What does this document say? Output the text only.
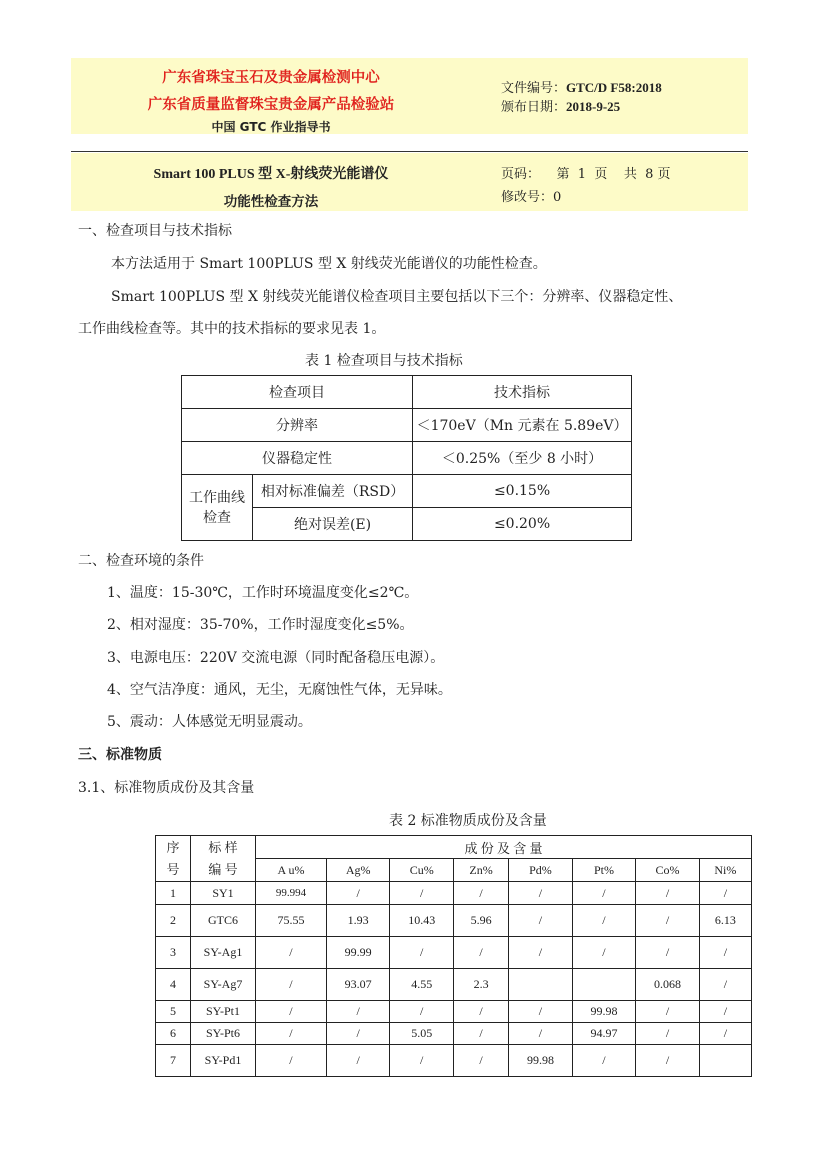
广东省珠宝玉石及贵金属检测中心
广东省质量监督珠宝贵金属产品检验站
中国 GTC 作业指导书
文件编号：GTC/D F58:2018
颁布日期：2018-9-25
Smart 100 PLUS 型 X-射线荧光能谱仪
功能性检查方法
页码：    第  1  页    共  8 页
修改号：0
一、检查项目与技术指标
本方法适用于 Smart 100PLUS 型 X 射线荧光能谱仪的功能性检查。
Smart 100PLUS 型 X 射线荧光能谱仪检查项目主要包括以下三个：分辨率、仪器稳定性、
工作曲线检查等。其中的技术指标的要求见表 1。
表 1 检查项目与技术指标
检查项目		技术指标
分辨率		＜170eV（Mn 元素在 5.89eV）
仪器稳定性		＜0.25%（至少 8 小时）
工作曲线检查	相对标准偏差（RSD）	≤0.15%
	绝对误差(E)	≤0.20%
二、检查环境的条件
1、温度：15-30℃，工作时环境温度变化≤2℃。
2、相对湿度：35-70%，工作时湿度变化≤5%。
3、电源电压：220V 交流电源（同时配备稳压电源）。
4、空气洁净度：通风，无尘，无腐蚀性气体，无异味。
5、震动：人体感觉无明显震动。
三、标准物质
3.1、标准物质成份及其含量
表 2 标准物质成份及含量
序
号	标 样
编 号	成 份 及 含 量							
		A u%	Ag%	Cu%	Zn%	Pd%	Pt%	Co%	Ni%
1	SY1	99.994	/	/	/	/	/	/	/
2	GTC6	75.55	1.93	10.43	5.96	/	/	/	6.13
3	SY-Ag1	/	99.99	/	/	/	/	/	/
4	SY-Ag7	/	93.07	4.55	2.3			0.068	/
5	SY-Pt1	/	/	/	/	/	99.98	/	/
6	SY-Pt6	/	/	5.05	/	/	94.97	/	/
7	SY-Pd1	/	/	/	/	99.98	/	/	
